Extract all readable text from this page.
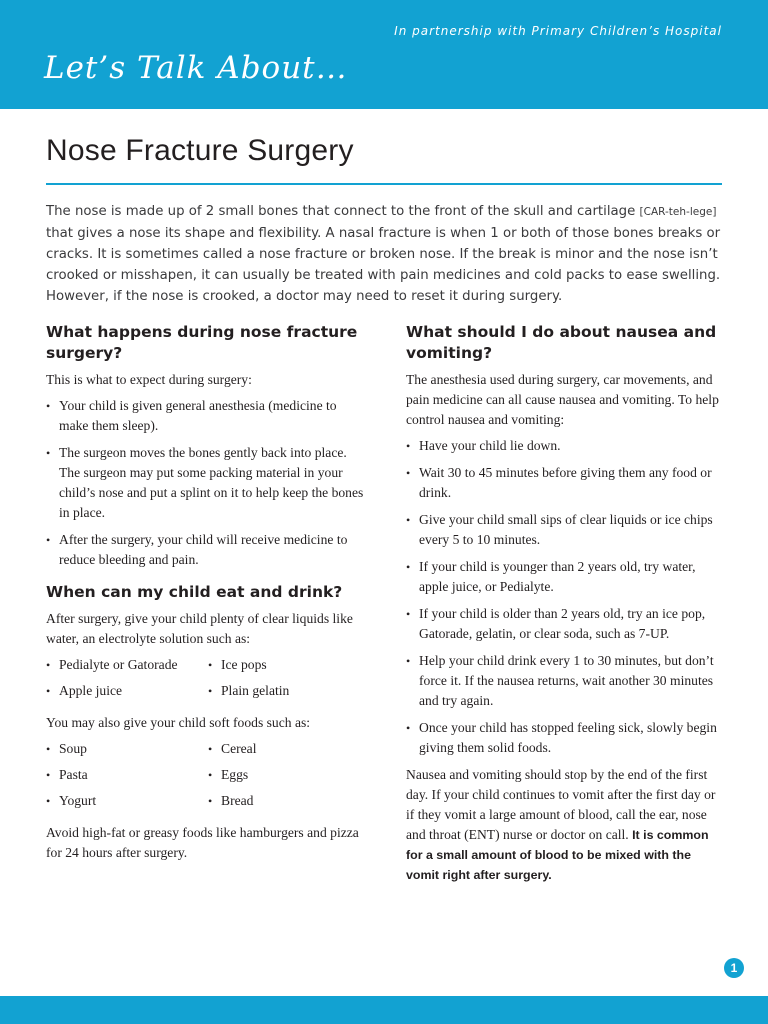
In partnership with Primary Children’s Hospital
Let’s Talk About…
Nose Fracture Surgery

The nose is made up of 2 small bones that connect to the front of the skull and cartilage [CAR-teh-lege] that gives a nose its shape and flexibility. A nasal fracture is when 1 or both of those bones breaks or cracks. It is sometimes called a nose fracture or broken nose. If the break is minor and the nose isn’t crooked or misshapen, it can usually be treated with pain medicines and cold packs to ease swelling. However, if the nose is crooked, a doctor may need to reset it during surgery.

What happens during nose fracture surgery?

This is what to expect during surgery:

• Your child is given general anesthesia (medicine to make them sleep).
• The surgeon moves the bones gently back into place. The surgeon may put some packing material in your child’s nose and put a splint on it to help keep the bones in place.
• After the surgery, your child will receive medicine to reduce bleeding and pain.
When can my child eat and drink?

After surgery, give your child plenty of clear liquids like water, an electrolyte solution such as:

• Pedialyte or Gatorade	• Ice pops
• Apple juice	• Plain gelatin

You may also give your child soft foods such as:

• Soup	• Cereal
• Pasta	• Eggs
• Yogurt	• Bread

Avoid high-fat or greasy foods like hamburgers and pizza for 24 hours after surgery.

What should I do about nausea and vomiting?

The anesthesia used during surgery, car movements, and pain medicine can all cause nausea and vomiting. To help control nausea and vomiting:

• Have your child lie down.
• Wait 30 to 45 minutes before giving them any food or drink.
• Give your child small sips of clear liquids or ice chips every 5 to 10 minutes.
• If your child is younger than 2 years old, try water, apple juice, or Pedialyte.
• If your child is older than 2 years old, try an ice pop, Gatorade, gelatin, or clear soda, such as 7-UP.
• Help your child drink every 1 to 30 minutes, but don’t force it. If the nausea returns, wait another 30 minutes and try again.
• Once your child has stopped feeling sick, slowly begin giving them solid foods.

Nausea and vomiting should stop by the end of the first day. If your child continues to vomit after the first day or if they vomit a large amount of blood, call the ear, nose and throat (ENT) nurse or doctor on call. It is common for a small amount of blood to be mixed with the vomit right after surgery.

1
